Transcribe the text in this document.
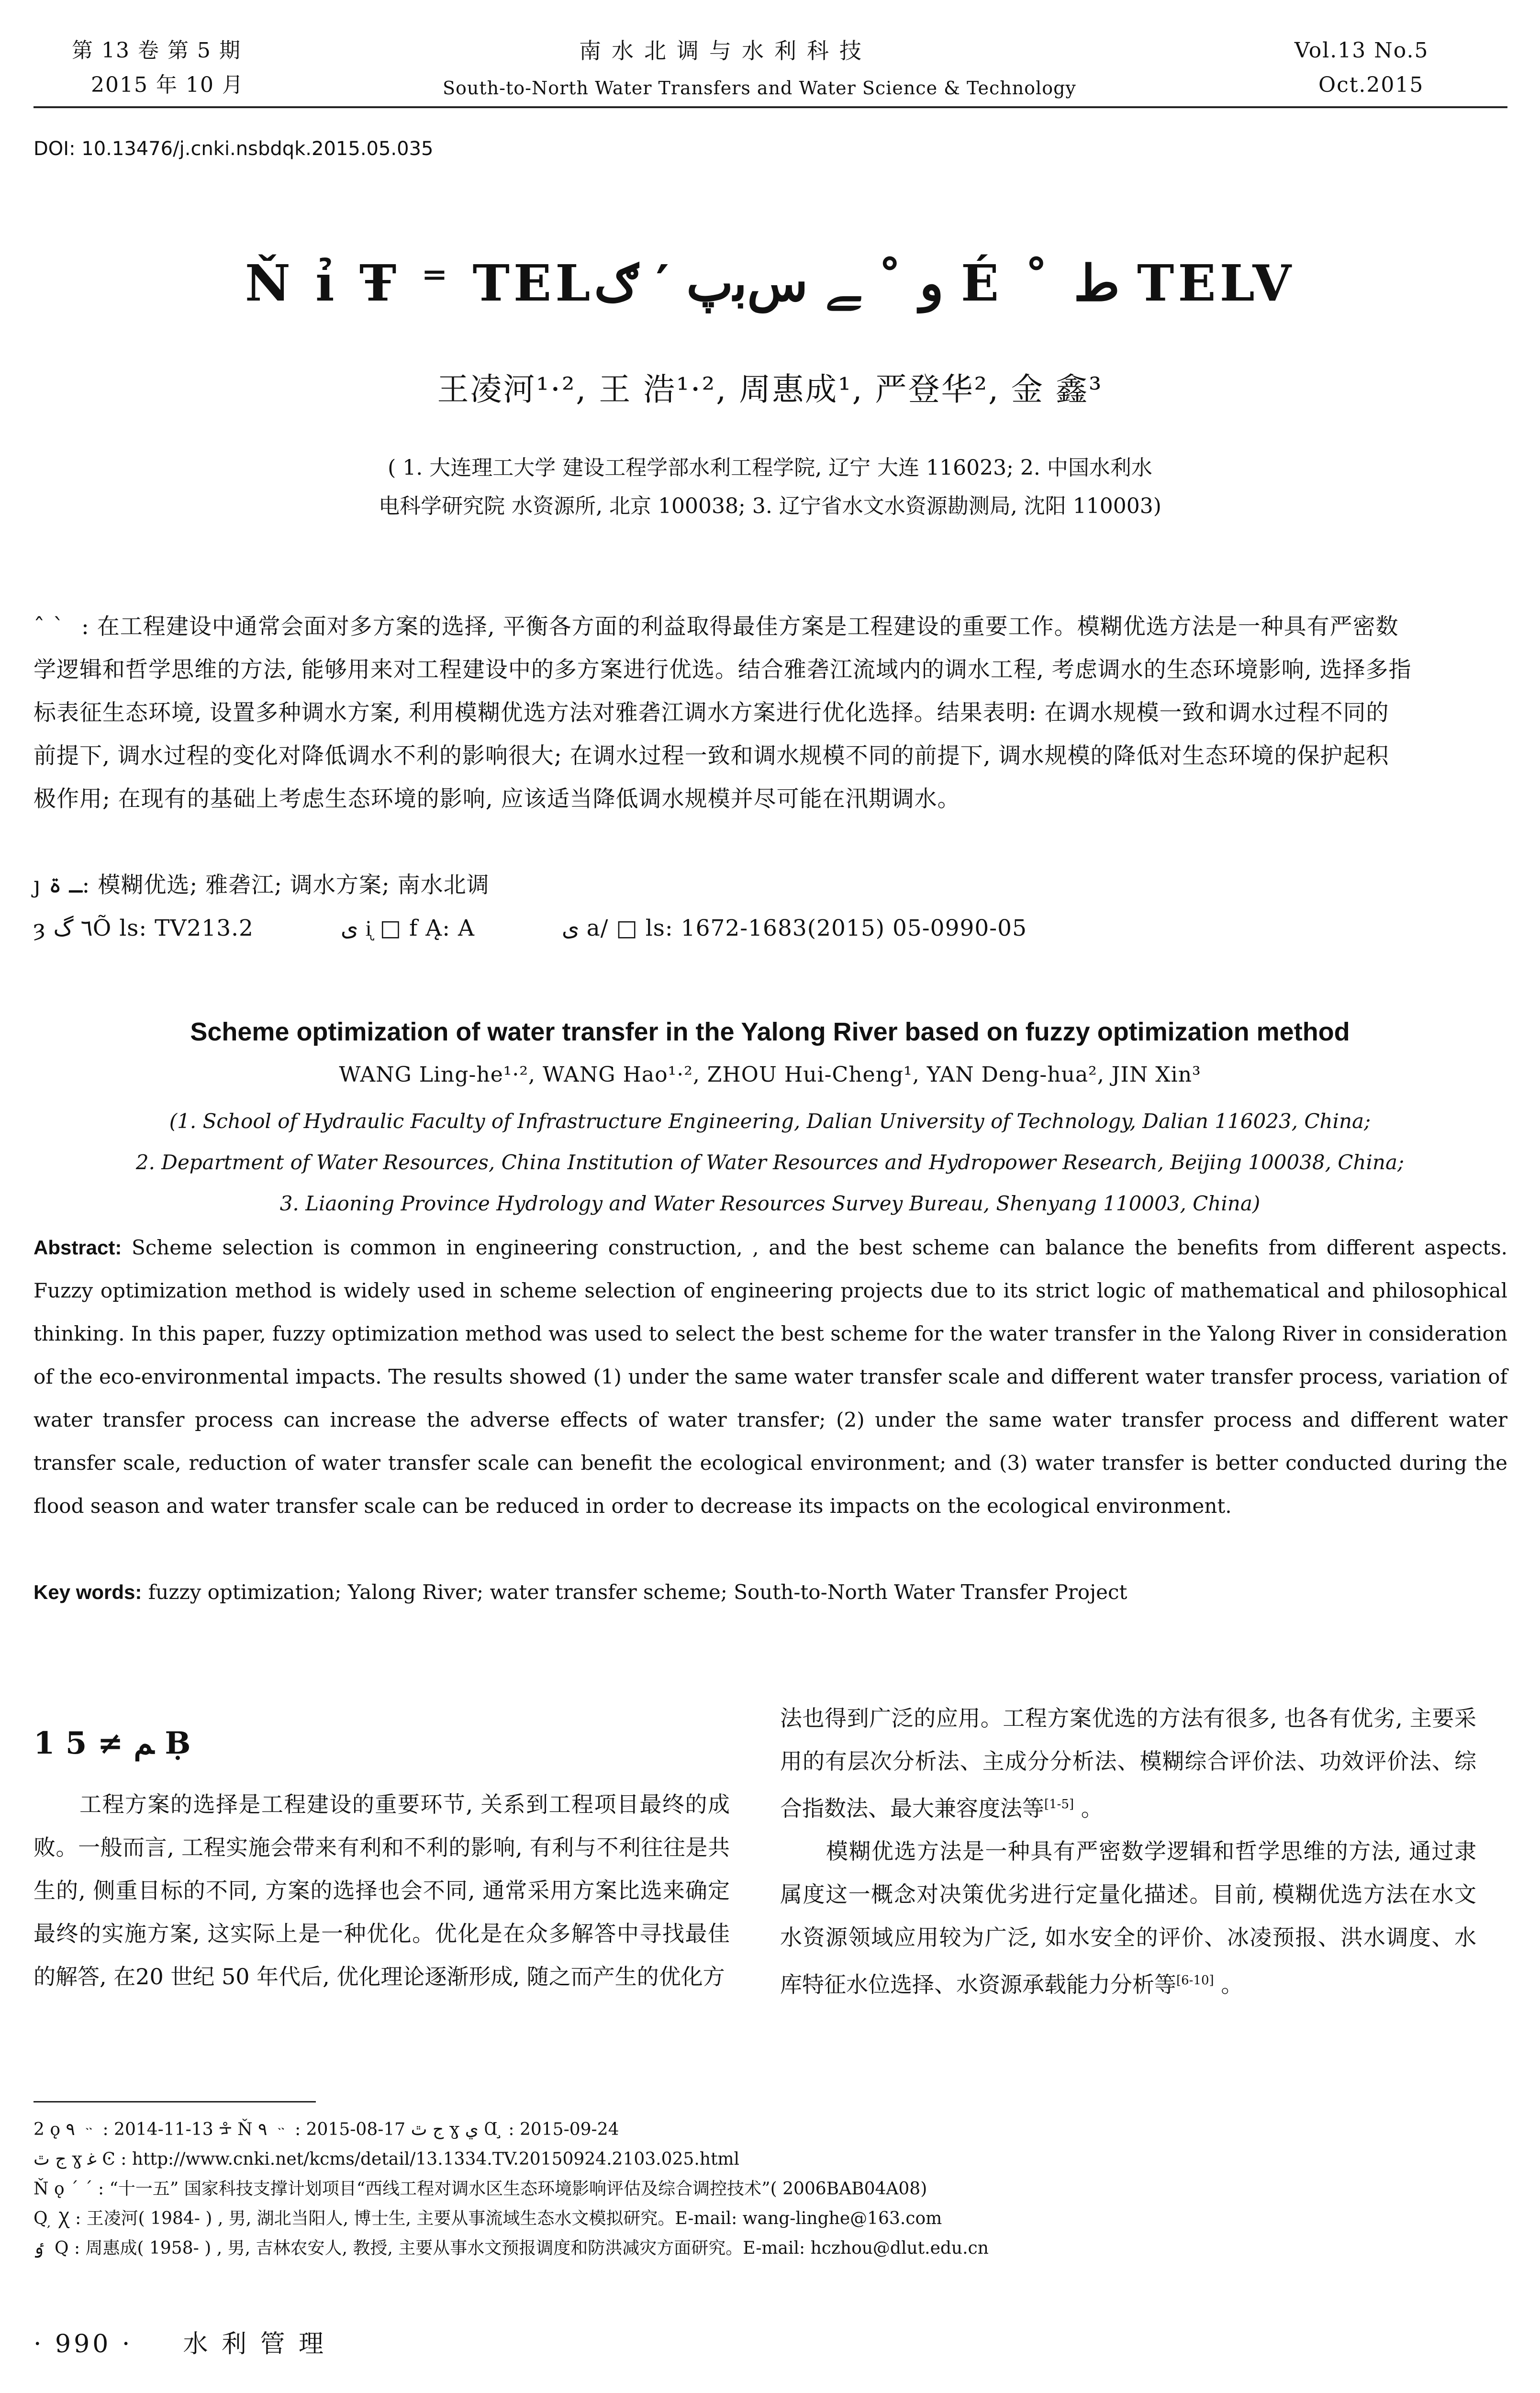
第 13 卷 第 5 期
2015 年 10 月
南水北调与水利科技
South-to-North Water Transfers and Water Science & Technology
Vol.13 No.5
Oct.2015
DOI: 10.13476/j.cnki.nsbdqk.2015.05.035
Ň ỉ Ŧ ⁼ TELو ˚ ﮯ ﺱﺑﭖ ′ ګ É ˚ ط TELV
王凌河¹·², 王 浩¹·², 周惠成¹, 严登华², 金 鑫³
( 1. 大连理工大学 建设工程学部水利工程学院, 辽宁 大连 116023; 2. 中国水利水
电科学研究院 水资源所, 北京 100038; 3. 辽宁省水文水资源勘测局, 沈阳 110003)
ˆ ˋ : 在工程建设中通常会面对多方案的选择, 平衡各方面的利益取得最佳方案是工程建设的重要工作。模糊优选方法是一种具有严密数学逻辑和哲学思维的方法, 能够用来对工程建设中的多方案进行优选。结合雅砻江流域内的调水工程, 考虑调水的生态环境影响, 选择多指标表征生态环境, 设置多种调水方案, 利用模糊优选方法对雅砻江调水方案进行优化选择。结果表明: 在调水规模一致和调水过程不同的前提下, 调水过程的变化对降低调水不利的影响很大; 在调水过程一致和调水规模不同的前提下, 调水规模的降低对生态环境的保护起积极作用; 在现有的基础上考虑生态环境的影响, 应该适当降低调水规模并尽可能在汛期调水。
ȷ ـ ۃ: 模糊优选; 雅砻江; 调水方案; 南水北调
ȝ ٦ گÕ ls: TV213.2	ى ᶖ □ f Ą: A	ى a∕ □ ls: 1672-1683(2015) 05-0990-05
Scheme optimization of water transfer in the Yalong River based on fuzzy optimization method
WANG Ling-he¹·², WANG Hao¹·², ZHOU Hui-Cheng¹, YAN Deng-hua², JIN Xin³
(1. School of Hydraulic Faculty of Infrastructure Engineering, Dalian University of Technology, Dalian 116023, China;
2. Department of Water Resources, China Institution of Water Resources and Hydropower Research, Beijing 100038, China;
3. Liaoning Province Hydrology and Water Resources Survey Bureau, Shenyang 110003, China)
Abstract: Scheme selection is common in engineering construction, , and the best scheme can balance the benefits from different aspects. Fuzzy optimization method is widely used in scheme selection of engineering projects due to its strict logic of mathematical and philosophical thinking. In this paper, fuzzy optimization method was used to select the best scheme for the water transfer in the Yalong River in consideration of the eco-environmental impacts. The results showed (1) under the same water transfer scale and different water transfer process, variation of water transfer process can increase the adverse effects of water transfer; (2) under the same water transfer process and different water transfer scale, reduction of water transfer scale can benefit the ecological environment; and (3) water transfer is better conducted during the flood season and water transfer scale can be reduced in order to decrease its impacts on the ecological environment.
Key words: fuzzy optimization; Yalong River; water transfer scheme; South-to-North Water Transfer Project
1 ﻢ ≠ 5 Ḅ

工程方案的选择是工程建设的重要环节, 关系到工程项目最终的成败。一般而言, 工程实施会带来有利和不利的影响, 有利与不利往往是共生的, 侧重目标的不同, 方案的选择也会不同, 通常采用方案比选来确定最终的实施方案, 这实际上是一种优化。优化是在众多解答中寻找最佳的解答, 在20 世纪 50 年代后, 优化理论逐渐形成, 随之而产生的优化方

法也得到广泛的应用。工程方案优选的方法有很多, 也各有优劣, 主要采用的有层次分析法、主成分分析法、模糊综合评价法、功效评价法、综合指数法、最大兼容度法等[1-5] 。

模糊优选方法是一种具有严密数学逻辑和哲学思维的方法, 通过隶属度这一概念对决策优劣进行定量化描述。目前, 模糊优选方法在水文水资源领域应用较为广泛, 如水安全的评价、冰凌预报、洪水调度、水库特征水位选择、水资源承载能力分析等[6-10] 。

2 ǫ ٩ ᆢ : 2014-11-13 ᡱ Ň ٩ ᆢ : 2015-08-17 ج ﭢ ɣ ي Ɑ ̧ : 2015-09-24
ج ﭢ ɣ ﻏ Ͼ : http://www.cnki.net/kcms/detail/13.1334.TV.20150924.2103.025.html
Ň ǫ ´ ˊ : “十一五” 国家科技支撑计划项目“西线工程对调水区生态环境影响评估及综合调控技术”( 2006BAB04A08)
Q ̦ Ꭓ : 王凌河( 1984- ) , 男, 湖北当阳人, 博士生, 主要从事流域生态水文模拟研究。E-mail: wang-linghe@163.com
ٶ ̦ Q : 周惠成( 1958- ) , 男, 吉林农安人, 教授, 主要从事水文预报调度和防洪减灾方面研究。E-mail: hczhou@dlut.edu.cn
· 990 · 水 利 管 理
